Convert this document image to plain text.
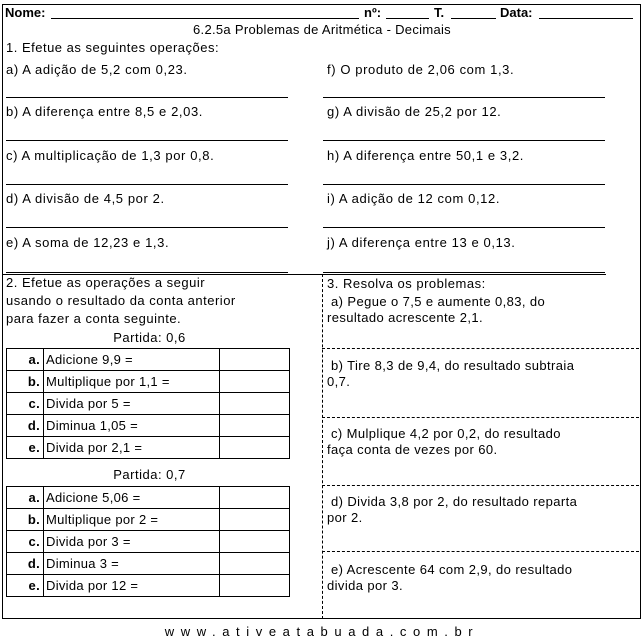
Nome:	nº:	T.	Data:
6.2.5a Problemas de Aritmética - Decimais
1. Efetue as seguintes operações:
a) A adição de 5,2 com 0,23.
b) A diferença entre 8,5 e 2,03.
c) A multiplicação de 1,3 por 0,8.
d) A divisão de 4,5 por 2.
e) A soma de 12,23 e 1,3.
f) O produto de 2,06 com 1,3.
g) A divisão de 25,2 por 12.
h) A diferença entre 50,1 e 3,2.
i) A adição de 12 com 0,12.
j) A diferença entre 13 e 0,13.
2. Efetue as operações a seguir
usando o resultado da conta anterior
para fazer a conta seguinte.
Partida: 0,6
a.	Adicione 9,9 =	
b.	Multiplique por 1,1 =	
c.	Divida por 5 =	
d.	Diminua 1,05 =	
e.	Divida por 2,1 =	
Partida: 0,7
a.	Adicione 5,06 =	
b.	Multiplique por 2 =	
c.	Divida por 3 =	
d.	Diminua 3 =	
e.	Divida por 12 =	
3. Resolva os problemas:
a) Pegue o 7,5 e aumente 0,83, do
resultado acrescente 2,1.
b) Tire 8,3 de 9,4, do resultado subtraia
0,7.
c) Mulplique 4,2 por 0,2, do resultado
faça conta de vezes por 60.
d) Divida 3,8 por 2, do resultado reparta
por 2.
e) Acrescente 64 com 2,9, do resultado
divida por 3.
www.ativeatabuada.com.br
